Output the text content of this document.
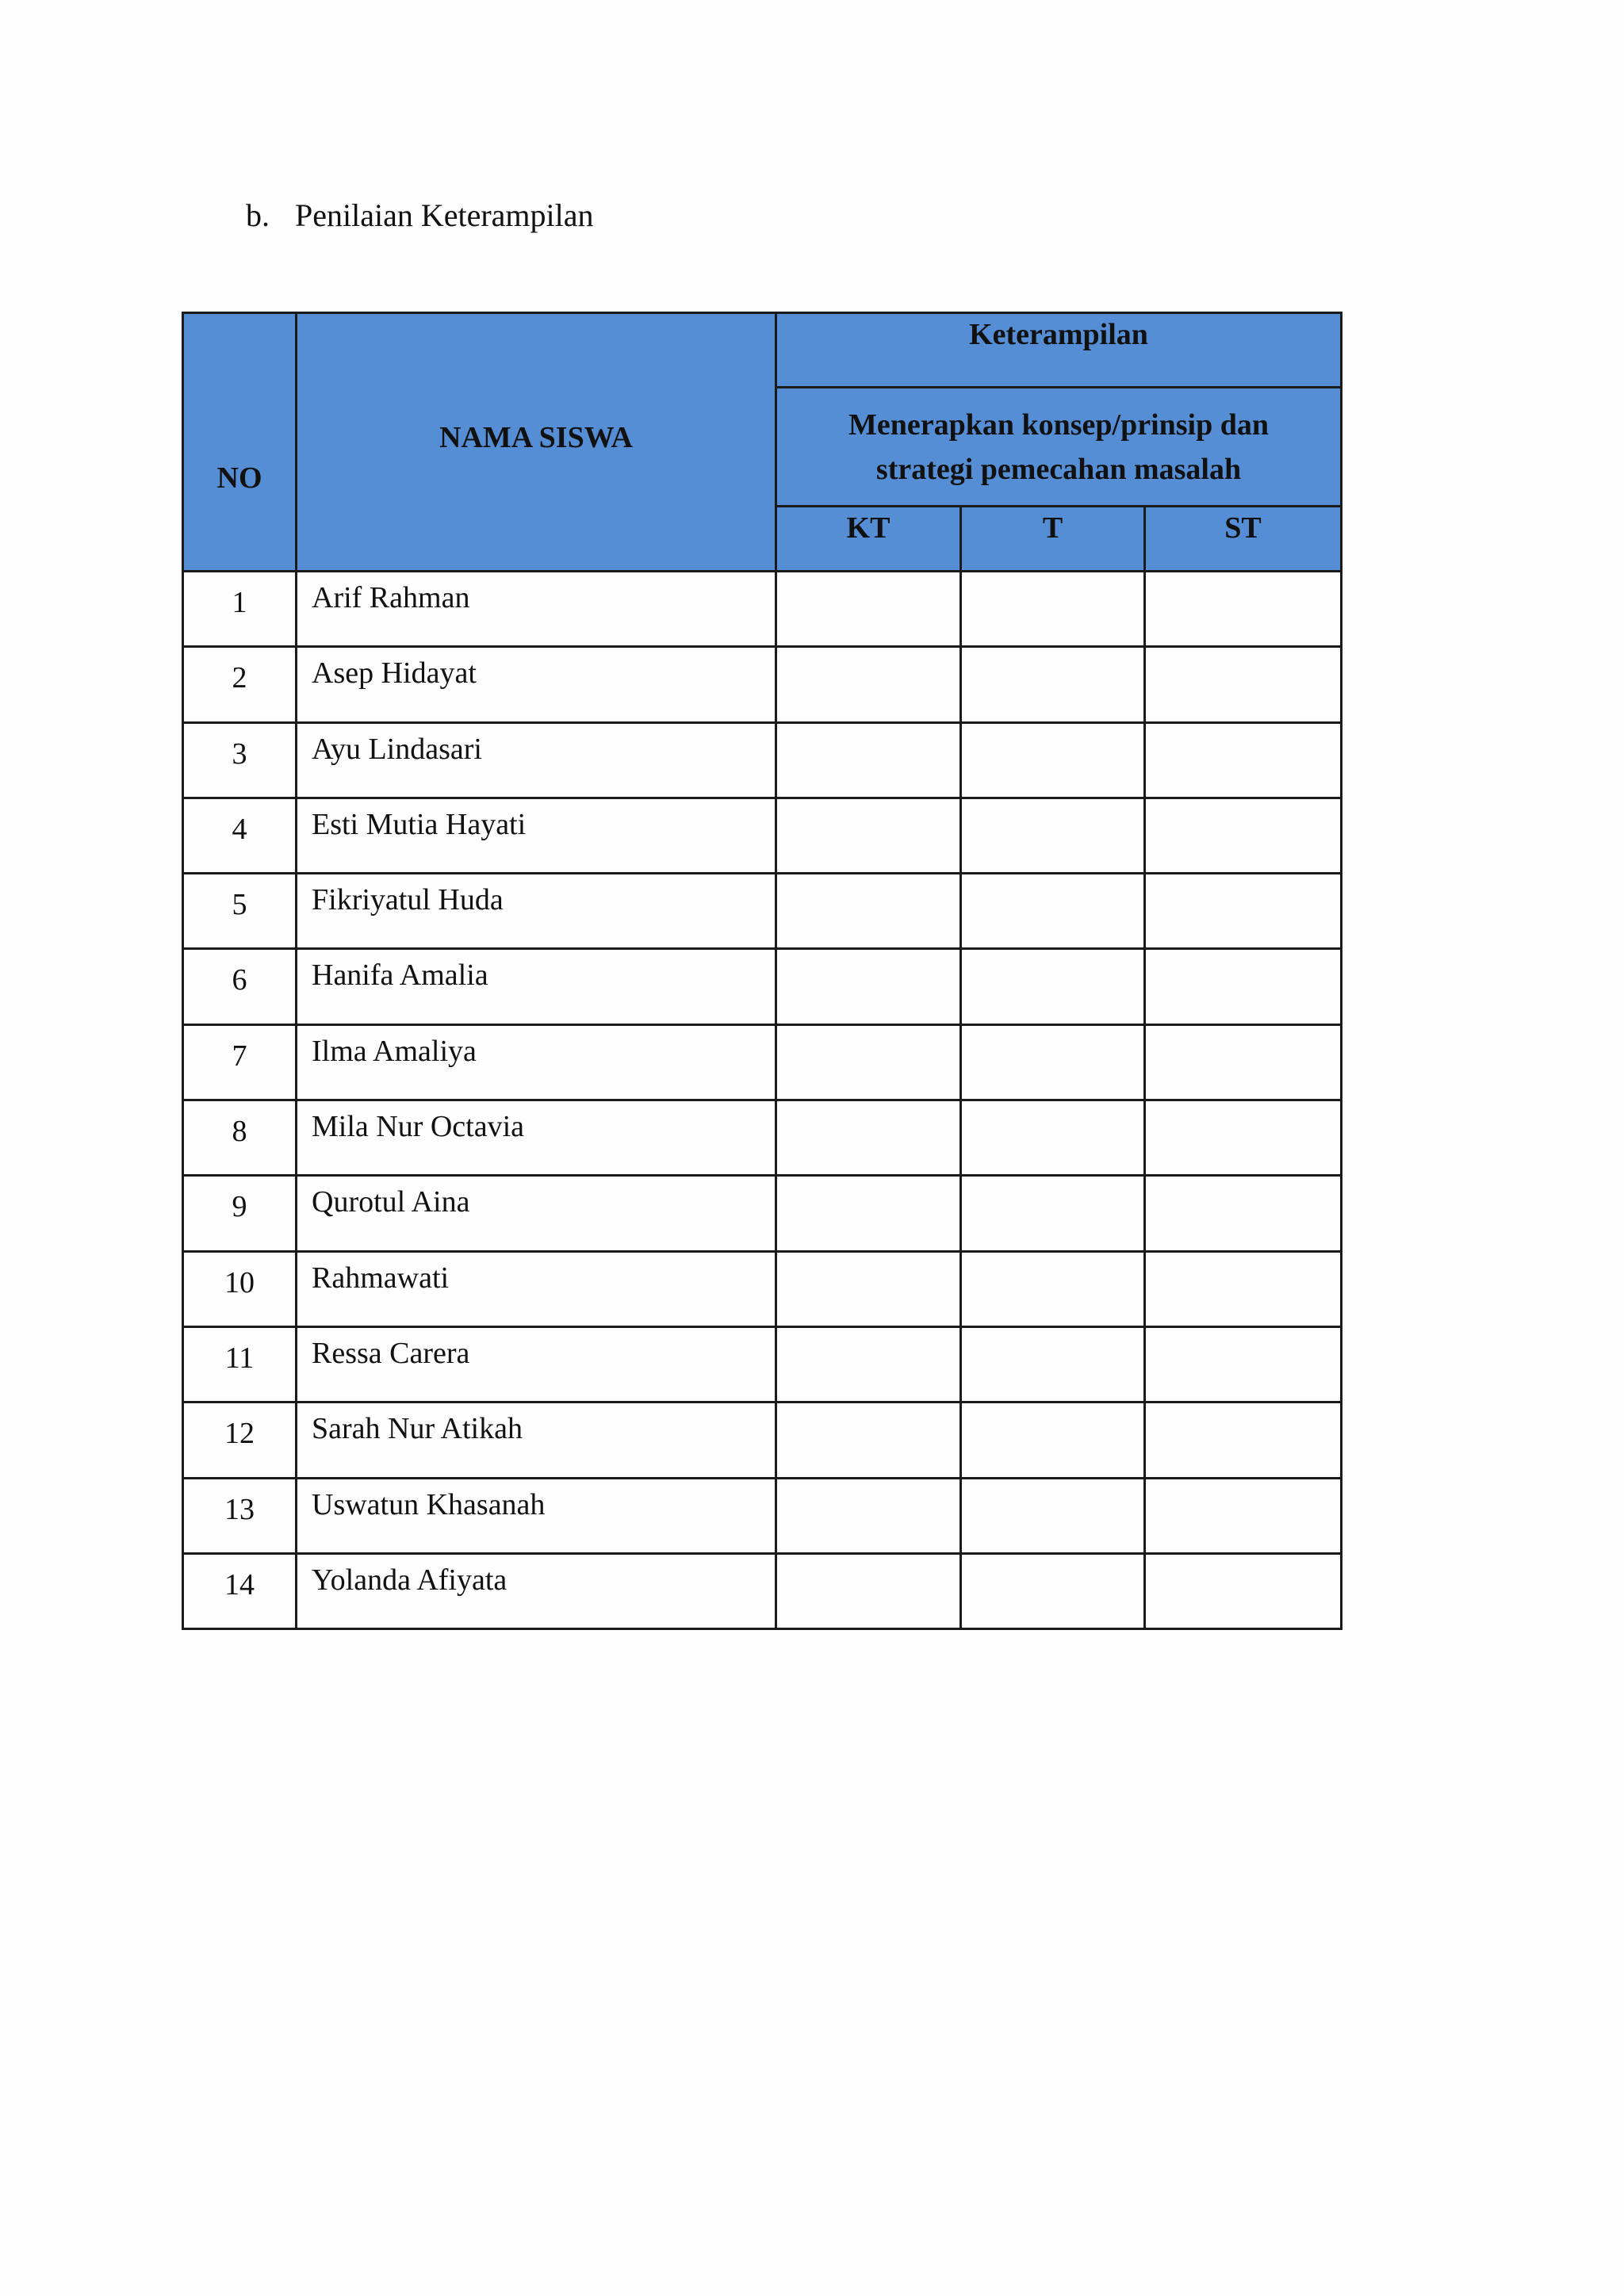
b. Penilaian Keterampilan
NO	NAMA SISWA	Keterampilan		

		Menerapkan konsep/prinsip dan
strategi pemecahan masalah		

		KT	T	ST
1	Arif Rahman			
2	Asep Hidayat			
3	Ayu Lindasari			
4	Esti Mutia Hayati			
5	Fikriyatul Huda			
6	Hanifa Amalia			
7	Ilma Amaliya			
8	Mila Nur Octavia			
9	Qurotul Aina			
10	Rahmawati			
11	Ressa Carera			
12	Sarah Nur Atikah			
13	Uswatun Khasanah			
14	Yolanda Afiyata			
